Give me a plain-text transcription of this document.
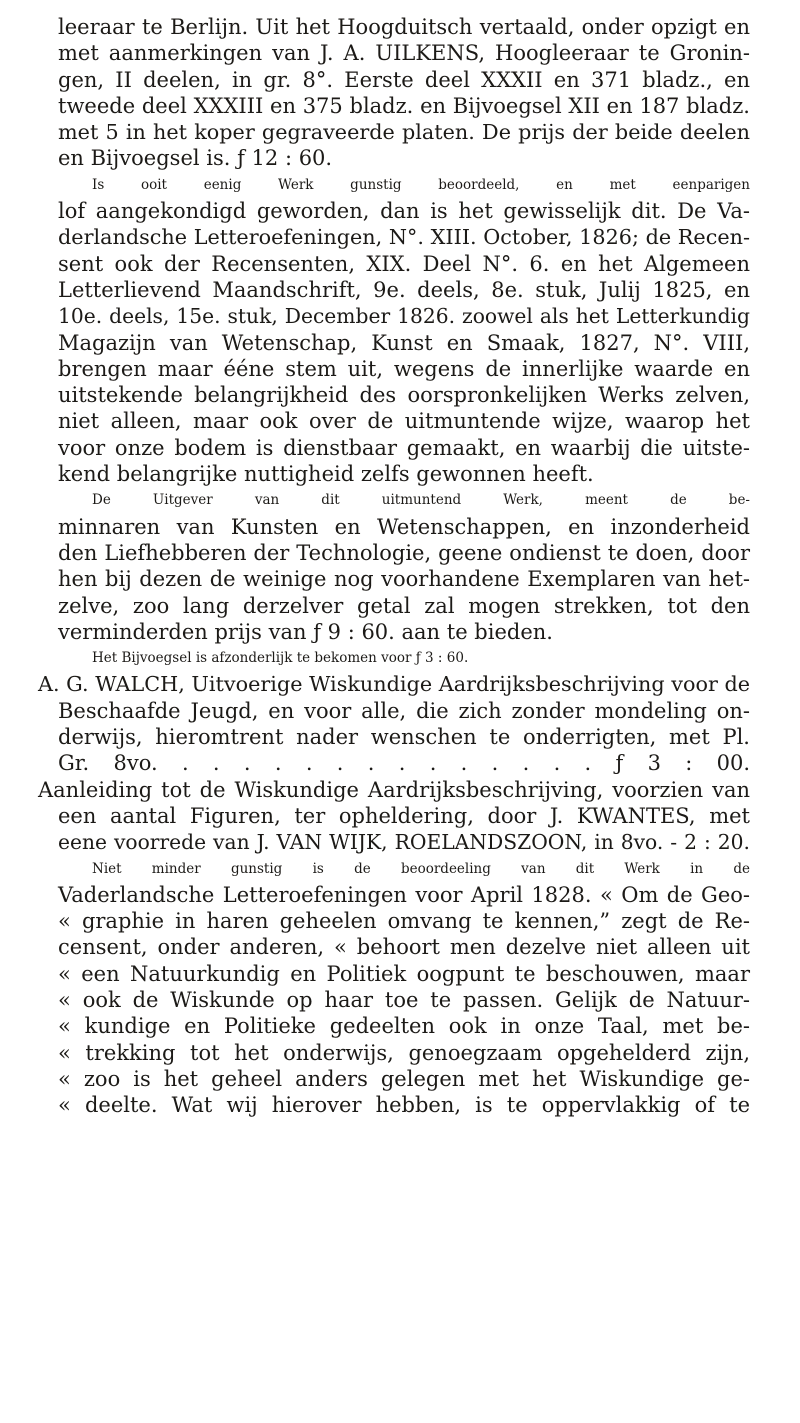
leeraar te Berlijn. Uit het Hoogduitsch vertaald, onder opzigt en
met aanmerkingen van J. A. UILKENS, Hoogleeraar te Gronin-
gen, II deelen, in gr. 8°. Eerste deel XXXII en 371 bladz., en
tweede deel XXXIII en 375 bladz. en Bijvoegsel XII en 187 bladz.
met 5 in het koper gegraveerde platen. De prijs der beide deelen
en Bijvoegsel is. ƒ 12 : 60.
Is ooit eenig Werk gunstig beoordeeld, en met eenparigen
lof aangekondigd geworden, dan is het gewisselijk dit. De Va-
derlandsche Letteroefeningen, N°. XIII. October, 1826; de Recen-
sent ook der Recensenten, XIX. Deel N°. 6. en het Algemeen
Letterlievend Maandschrift, 9e. deels, 8e. stuk, Julij 1825, en
10e. deels, 15e. stuk, December 1826. zoowel als het Letterkundig
Magazijn van Wetenschap, Kunst en Smaak, 1827, N°. VIII,
brengen maar ééne stem uit, wegens de innerlijke waarde en
uitstekende belangrijkheid des oorspronkelijken Werks zelven,
niet alleen, maar ook over de uitmuntende wijze, waarop het
voor onze bodem is dienstbaar gemaakt, en waarbij die uitste-
kend belangrijke nuttigheid zelfs gewonnen heeft.
De Uitgever van dit uitmuntend Werk, meent de be-
minnaren van Kunsten en Wetenschappen, en inzonderheid
den Liefhebberen der Technologie, geene ondienst te doen, door
hen bij dezen de weinige nog voorhandene Exemplaren van het-
zelve, zoo lang derzelver getal zal mogen strekken, tot den
verminderden prijs van ƒ 9 : 60. aan te bieden.
Het Bijvoegsel is afzonderlijk te bekomen voor ƒ 3 : 60.
A. G. WALCH, Uitvoerige Wiskundige Aardrijksbeschrijving voor de
Beschaafde Jeugd, en voor alle, die zich zonder mondeling on-
derwijs, hieromtrent nader wenschen te onderrigten, met Pl.
Gr. 8vo. . . . . . . . . . . . . . . ƒ 3 : 00.
Aanleiding tot de Wiskundige Aardrijksbeschrijving, voorzien van
een aantal Figuren, ter opheldering, door J. KWANTES, met
eene voorrede van J. VAN WIJK, ROELANDSZOON, in 8vo. - 2 : 20.
Niet minder gunstig is de beoordeeling van dit Werk in de
Vaderlandsche Letteroefeningen voor April 1828. « Om de Geo-
« graphie in haren geheelen omvang te kennen,” zegt de Re-
censent, onder anderen, « behoort men dezelve niet alleen uit
« een Natuurkundig en Politiek oogpunt te beschouwen, maar
« ook de Wiskunde op haar toe te passen. Gelijk de Natuur-
« kundige en Politieke gedeelten ook in onze Taal, met be-
« trekking tot het onderwijs, genoegzaam opgehelderd zijn,
« zoo is het geheel anders gelegen met het Wiskundige ge-
« deelte. Wat wij hierover hebben, is te oppervlakkig of te
